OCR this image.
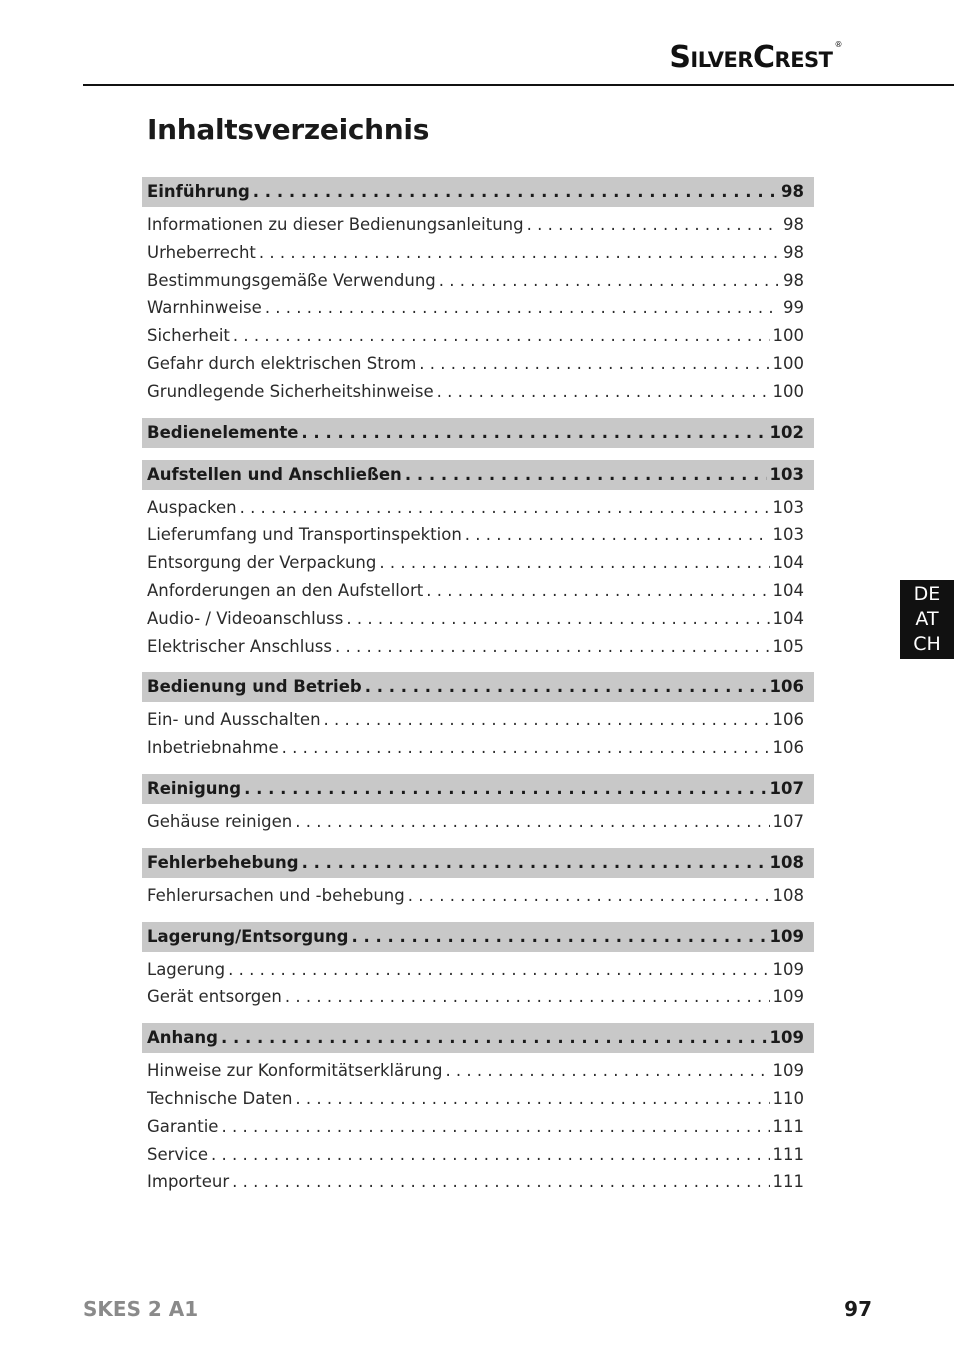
SilverCrest ®
Inhaltsverzeichnis
Einführung . . .	98
Informationen zu dieser Bedienungsanleitung . . .	98
Urheberrecht . . .	98
Bestimmungsgemäße Verwendung . . .	98
Warnhinweise . . .	99
Sicherheit . . .	100
Gefahr durch elektrischen Strom . . .	100
Grundlegende Sicherheitshinweise . . .	100
Bedienelemente . . .	102
Aufstellen und Anschließen . . .	103
Auspacken . . .	103
Lieferumfang und Transportinspektion . . .	103
Entsorgung der Verpackung . . .	104
Anforderungen an den Aufstellort . . .	104
Audio- / Videoanschluss . . .	104
Elektrischer Anschluss . . .	105
Bedienung und Betrieb . . .	106
Ein- und Ausschalten . . .	106
Inbetriebnahme . . .	106
Reinigung . . .	107
Gehäuse reinigen . . .	107
Fehlerbehebung . . .	108
Fehlerursachen und -behebung . . .	108
Lagerung/Entsorgung . . .	109
Lagerung . . .	109
Gerät entsorgen . . .	109
Anhang . . .	109
Hinweise zur Konformitätserklärung . . .	109
Technische Daten . . .	110
Garantie . . .	111
Service . . .	111
Importeur . . .	111
DE
AT
CH
SKES 2 A1	97
